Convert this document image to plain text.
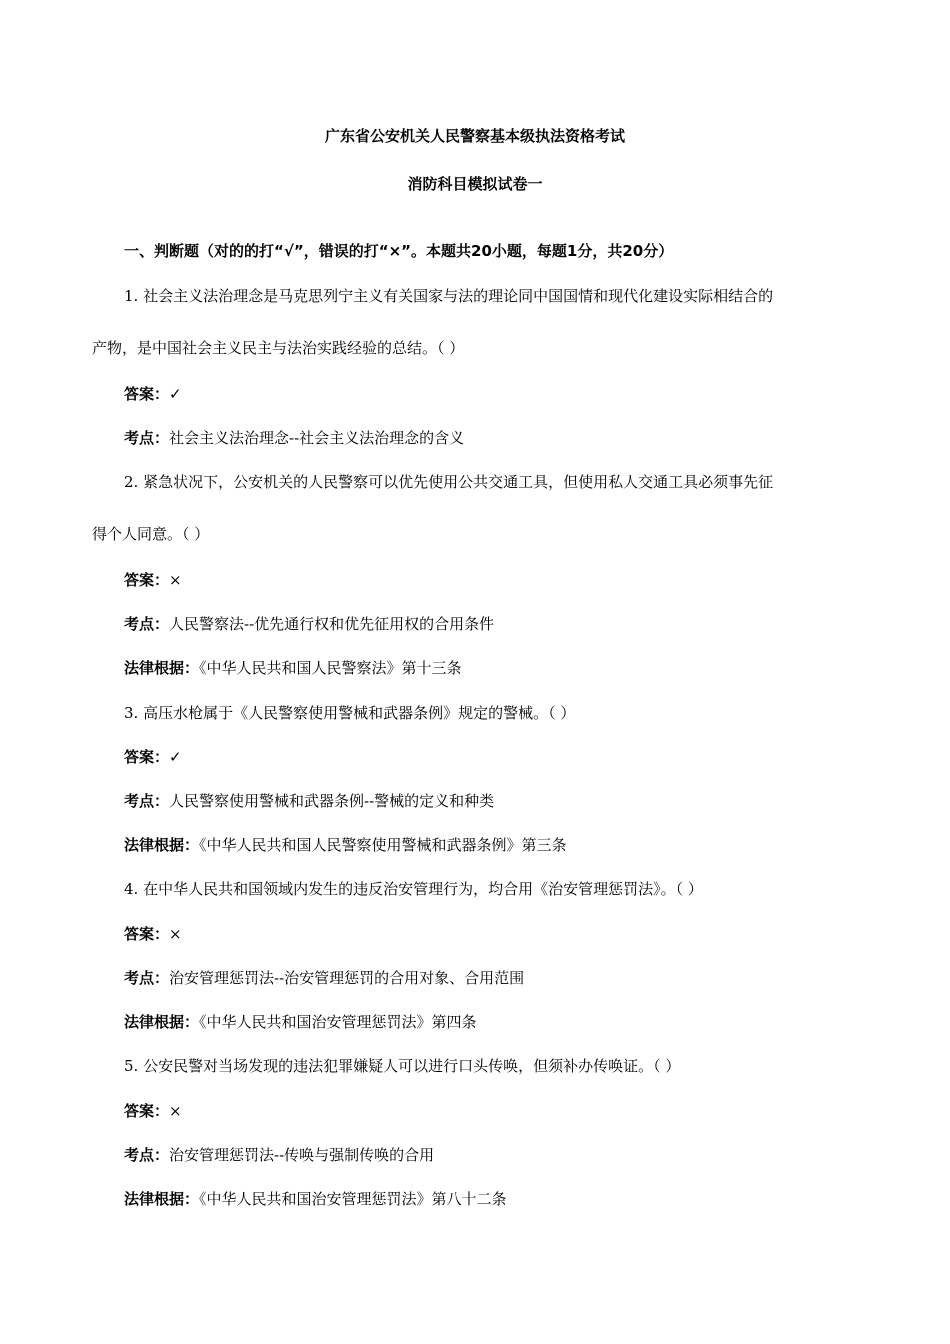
广东省公安机关人民警察基本级执法资格考试
消防科目模拟试卷一
一、判断题（对的的打“√”，错误的打“×”。本题共20小题，每题1分，共20分）
1. 社会主义法治理念是马克思列宁主义有关国家与法的理论同中国国情和现代化建设实际相结合的
产物，是中国社会主义民主与法治实践经验的总结。（ ）
答案：✓
考点：社会主义法治理念--社会主义法治理念的含义
2. 紧急状况下，公安机关的人民警察可以优先使用公共交通工具，但使用私人交通工具必须事先征
得个人同意。（ ）
答案：×
考点：人民警察法--优先通行权和优先征用权的合用条件
法律根据：《中华人民共和国人民警察法》第十三条
3. 高压水枪属于《人民警察使用警械和武器条例》规定的警械。（ ）
答案：✓
考点：人民警察使用警械和武器条例--警械的定义和种类
法律根据：《中华人民共和国人民警察使用警械和武器条例》第三条
4. 在中华人民共和国领域内发生的违反治安管理行为，均合用《治安管理惩罚法》。（ ）
答案：×
考点：治安管理惩罚法--治安管理惩罚的合用对象、合用范围
法律根据：《中华人民共和国治安管理惩罚法》第四条
5. 公安民警对当场发现的违法犯罪嫌疑人可以进行口头传唤，但须补办传唤证。（ ）
答案：×
考点：治安管理惩罚法--传唤与强制传唤的合用
法律根据：《中华人民共和国治安管理惩罚法》第八十二条
